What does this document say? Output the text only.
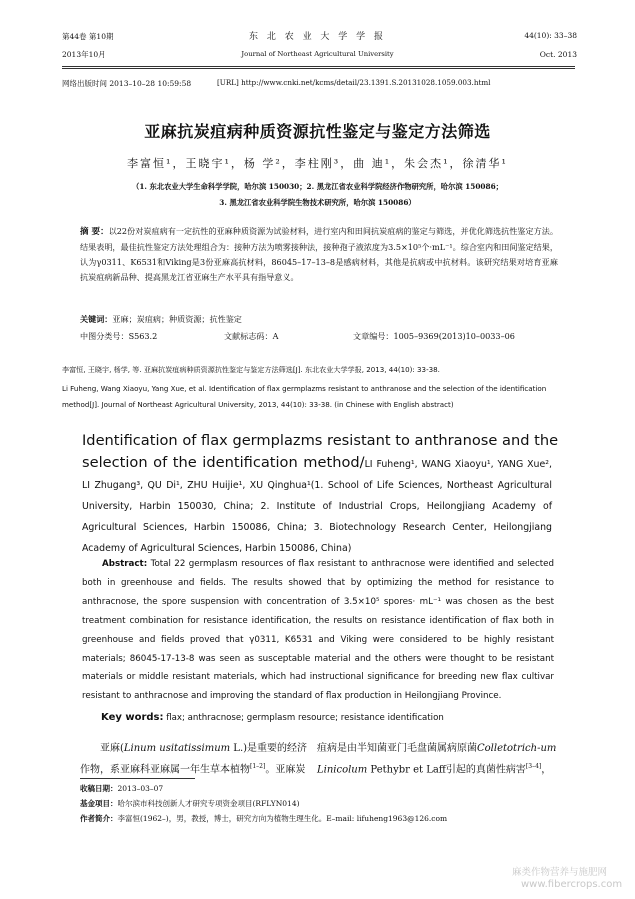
第44卷 第10期	东 北 农 业 大 学 学 报	44(10): 33–38
2013年10月	Journal of Northeast Agricultural University	Oct. 2013
网络出版时间 2013–10–28 10:59:58	[URL] http://www.cnki.net/kcms/detail/23.1391.S.20131028.1059.003.html
亚麻抗炭疽病种质资源抗性鉴定与鉴定方法筛选
李富恒¹，王晓宇¹，杨 学²，李柱刚³，曲 迪¹，朱会杰¹，徐清华¹
（1. 东北农业大学生命科学学院，哈尔滨 150030；2. 黑龙江省农业科学院经济作物研究所，哈尔滨 150086；
3. 黑龙江省农业科学院生物技术研究所，哈尔滨 150086）
摘 要：以22份对炭疽病有一定抗性的亚麻种质资源为试验材料，进行室内和田间抗炭疽病的鉴定与筛选，并优化筛选抗性鉴定方法。结果表明，最佳抗性鉴定方法处理组合为：接种方法为喷雾接种法，接种孢子液浓度为3.5×10⁵个·mL⁻¹。综合室内和田间鉴定结果，认为γ0311、K6531和Viking是3份亚麻高抗材料，86045–17–13–8是感病材料，其他是抗病或中抗材料。该研究结果对培育亚麻抗炭疽病新品种、提高黑龙江省亚麻生产水平具有指导意义。
关键词：亚麻；炭疽病；种质资源；抗性鉴定
中图分类号：S563.2	文献标志码：A	文章编号：1005–9369(2013)10–0033–06
李富恒, 王晓宇, 杨学, 等. 亚麻抗炭疽病种质资源抗性鉴定与鉴定方法筛选[J]. 东北农业大学学报, 2013, 44(10): 33-38.
Li Fuheng, Wang Xiaoyu, Yang Xue, et al. Identification of flax germplazms resistant to anthranose and the selection of the identification method[J]. Journal of Northeast Agricultural University, 2013, 44(10): 33-38. (in Chinese with English abstract)
Identification of flax germplazms resistant to anthranose and the
selection of the identification method/LI Fuheng¹, WANG Xiaoyu¹, YANG Xue², LI Zhugang³, QU Di¹, ZHU Huijie¹, XU Qinghua¹(1. School of Life Sciences, Northeast Agricultural University, Harbin 150030, China; 2. Institute of Industrial Crops, Heilongjiang Academy of Agricultural Sciences, Harbin 150086, China; 3. Biotechnology Research Center, Heilongjiang Academy of Agricultural Sciences, Harbin 150086, China)
Abstract: Total 22 germplasm resources of flax resistant to anthracnose were identified and selected both in greenhouse and fields. The results showed that by optimizing the method for resistance to anthracnose, the spore suspension with concentration of 3.5×10⁵ spores· mL⁻¹ was chosen as the best treatment combination for resistance identification, the results on resistance identification of flax both in greenhouse and fields proved that γ0311, K6531 and Viking were considered to be highly resistant materials; 86045-17-13-8 was seen as susceptable material and the others were thought to be resistant materials or middle resistant materials, which had instructional significance for breeding new flax cultivar resistant to anthracnose and improving the standard of flax production in Heilongjiang Province.
Key words: flax; anthracnose; germplasm resource; resistance identification
亚麻(Linum usitatissimum L.)是重要的经济作物，系亚麻科亚麻属一年生草本植物[1–2]。亚麻炭
疽病是由半知菌亚门毛盘菌属病原菌Colletotrich-um Linicolum Pethybr et Laff引起的真菌性病害[3–4]，
收稿日期：2013–03–07
基金项目：哈尔滨市科技创新人才研究专项资金项目(RFLYN014)
作者简介：李富恒(1962–)，男，教授，博士，研究方向为植物生理生化。E–mail: lifuheng1963@126.com
麻类作物营养与施肥网
www.fibercrops.com
